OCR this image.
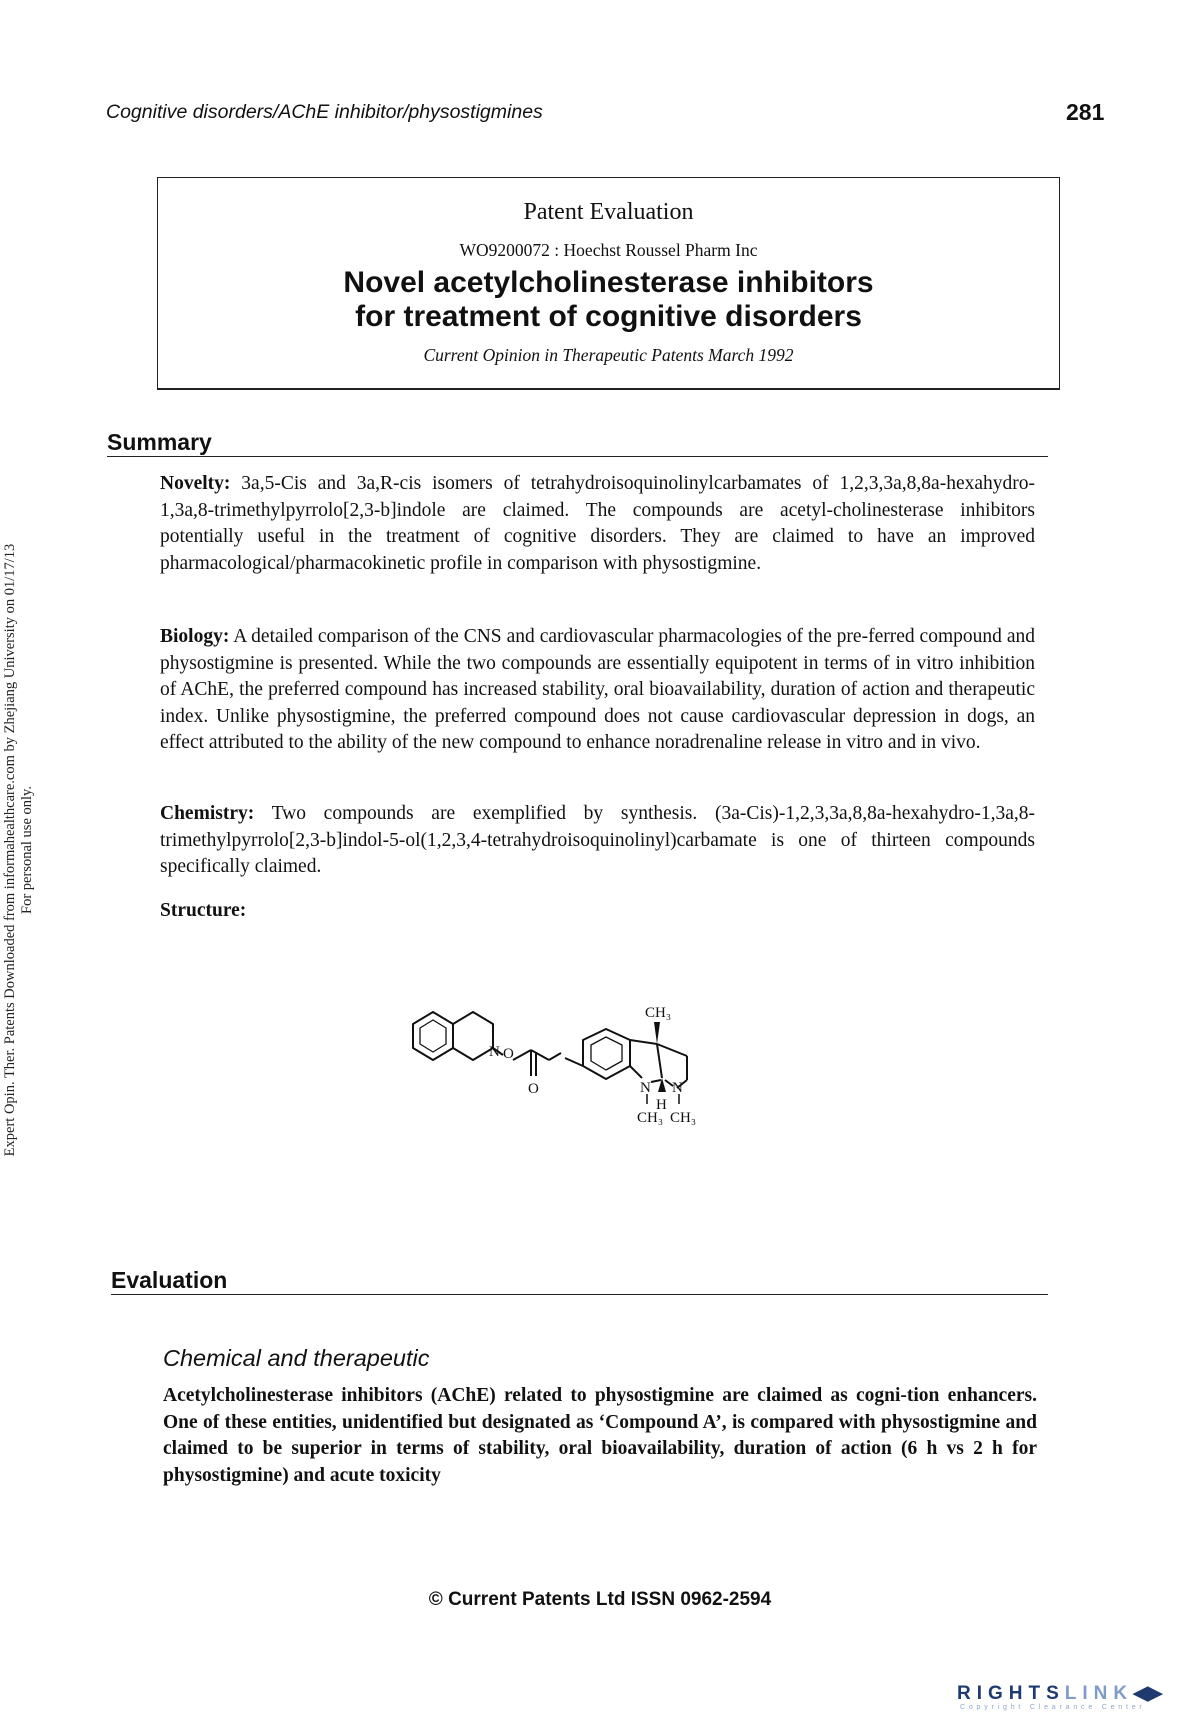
Cognitive disorders/AChE inhibitor/physostigmines	281
Patent Evaluation
WO9200072 : Hoechst Roussel Pharm Inc
Novel acetylcholinesterase inhibitors
for treatment of cognitive disorders
Current Opinion in Therapeutic Patents March 1992
Summary
Novelty: 3a,5-Cis and 3a,R-cis isomers of tetrahydroisoquinolinylcarbamates of 1,2,3,3a,8,8a-hexahydro-1,3a,8-trimethylpyrrolo[2,3-b]indole are claimed. The compounds are acetyl-cholinesterase inhibitors potentially useful in the treatment of cognitive disorders. They are claimed to have an improved pharmacological/pharmacokinetic profile in comparison with physostigmine.
Biology: A detailed comparison of the CNS and cardiovascular pharmacologies of the pre-ferred compound and physostigmine is presented. While the two compounds are essentially equipotent in terms of in vitro inhibition of AChE, the preferred compound has increased stability, oral bioavailability, duration of action and therapeutic index. Unlike physostigmine, the preferred compound does not cause cardiovascular depression in dogs, an effect attributed to the ability of the new compound to enhance noradrenaline release in vitro and in vivo.
Chemistry: Two compounds are exemplified by synthesis. (3a-Cis)-1,2,3,3a,8,8a-hexahydro-1,3a,8-trimethylpyrrolo[2,3-b]indol-5-ol(1,2,3,4-tetrahydroisoquinolinyl)carbamate is one of thirteen compounds specifically claimed.
Structure:
N O
O
CH₃
N N
H
CH₃ CH₃
Evaluation
Chemical and therapeutic
Acetylcholinesterase inhibitors (AChE) related to physostigmine are claimed as cogni-tion enhancers. One of these entities, unidentified but designated as ‘Compound A’, is compared with physostigmine and claimed to be superior in terms of stability, oral bioavailability, duration of action (6 h vs 2 h for physostigmine) and acute toxicity
© Current Patents Ltd ISSN 0962-2594
Expert Opin. Ther. Patents Downloaded from informahealthcare.com by Zhejiang University on 01/17/13 For personal use only.
RIGHTSLINK◀▶
Copyright Clearance Center
